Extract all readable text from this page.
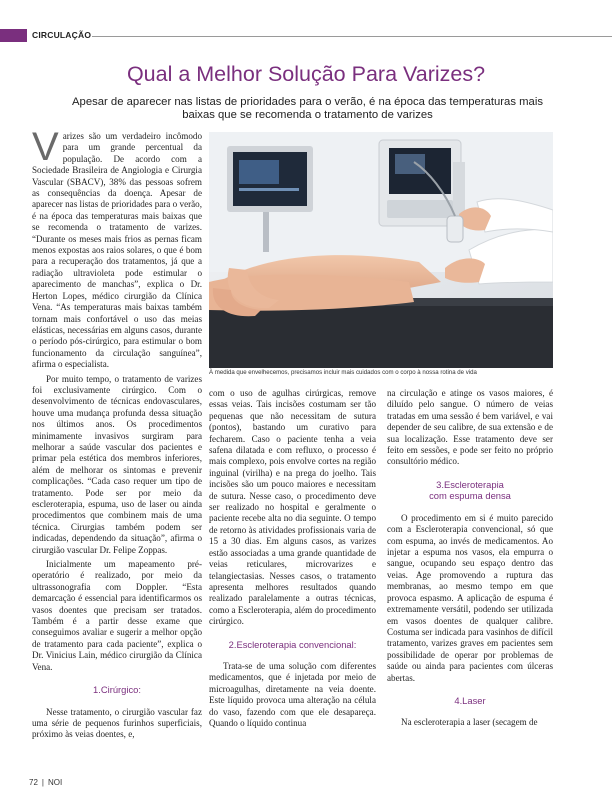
CIRCULAÇÃO
Qual a Melhor Solução Para Varizes?
Apesar de aparecer nas listas de prioridades para o verão, é na época das temperaturas mais baixas que se recomenda o tratamento de varizes

Varizes são um verdadeiro incômodo para um grande percentual da população. De acordo com a Sociedade Brasileira de Angiologia e Cirurgia Vascular (SBACV), 38% das pessoas sofrem as consequências da doença. Apesar de aparecer nas listas de prioridades para o verão, é na época das temperaturas mais baixas que se recomenda o tratamento de varizes. “Durante os meses mais frios as pernas ficam menos expostas aos raios solares, o que é bom para a recuperação dos tratamentos, já que a radiação ultravioleta pode estimular o aparecimento de manchas”, explica o Dr. Herton Lopes, médico cirurgião da Clínica Vena. “As temperaturas mais baixas também tornam mais confortável o uso das meias elásticas, necessárias em alguns casos, durante o período pós-cirúrgico, para estimular o bom funcionamento da circulação sanguínea”, afirma o especialista.

Por muito tempo, o tratamento de varizes foi exclusivamente cirúrgico. Com o desenvolvimento de técnicas endovasculares, houve uma mudança profunda dessa situação nos últimos anos. Os procedimentos minimamente invasivos surgiram para melhorar a saúde vascular dos pacientes e primar pela estética dos membros inferiores, além de melhorar os sintomas e prevenir complicações. “Cada caso requer um tipo de tratamento. Pode ser por meio da escleroterapia, espuma, uso de laser ou ainda procedimentos que combinem mais de uma técnica. Cirurgias também podem ser indicadas, dependendo da situação”, afirma o cirurgião vascular Dr. Felipe Zoppas.

Inicialmente um mapeamento pré-operatório é realizado, por meio da ultrassonografia com Doppler. “Esta demarcação é essencial para identificarmos os vasos doentes que precisam ser tratados. Também é a partir desse exame que conseguimos avaliar e sugerir a melhor opção de tratamento para cada paciente”, explica o Dr. Vinicius Lain, médico cirurgião da Clínica Vena.

1.Cirúrgico:

Nesse tratamento, o cirurgião vascular faz uma série de pequenos furinhos superficiais, próximo às veias doentes, e,

À medida que envelhecemos, precisamos incluir mais cuidados com o corpo à nossa rotina de vida

com o uso de agulhas cirúrgicas, remove essas veias. Tais incisões costumam ser tão pequenas que não necessitam de sutura (pontos), bastando um curativo para fecharem. Caso o paciente tenha a veia safena dilatada e com refluxo, o processo é mais complexo, pois envolve cortes na região inguinal (virilha) e na prega do joelho. Tais incisões são um pouco maiores e necessitam de sutura. Nesse caso, o procedimento deve ser realizado no hospital e geralmente o paciente recebe alta no dia seguinte. O tempo de retorno às atividades profissionais varia de 15 a 30 dias. Em alguns casos, as varizes estão associadas a uma grande quantidade de veias reticulares, microvarizes e telangiectasias. Nesses casos, o tratamento apresenta melhores resultados quando realizado paralelamente a outras técnicas, como a Escleroterapia, além do procedimento cirúrgico.

2.Escleroterapia convencional:

Trata-se de uma solução com diferentes medicamentos, que é injetada por meio de microagulhas, diretamente na veia doente. Este líquido provoca uma alteração na célula do vaso, fazendo com que ele desapareça. Quando o líquido continua

na circulação e atinge os vasos maiores, é diluído pelo sangue. O número de veias tratadas em uma sessão é bem variável, e vai depender de seu calibre, de sua extensão e de sua localização. Esse tratamento deve ser feito em sessões, e pode ser feito no próprio consultório médico.

3.Escleroterapia
com espuma densa

O procedimento em si é muito parecido com a Escleroterapia convencional, só que com espuma, ao invés de medicamentos. Ao injetar a espuma nos vasos, ela empurra o sangue, ocupando seu espaço dentro das veias. Age promovendo a ruptura das membranas, ao mesmo tempo em que provoca espasmo. A aplicação de espuma é extremamente versátil, podendo ser utilizada em vasos doentes de qualquer calibre. Costuma ser indicada para vasinhos de difícil tratamento, varizes graves em pacientes sem possibilidade de operar por problemas de saúde ou ainda para pacientes com úlceras abertas.

4.Laser

Na escleroterapia a laser (secagem de

72 | NOI
